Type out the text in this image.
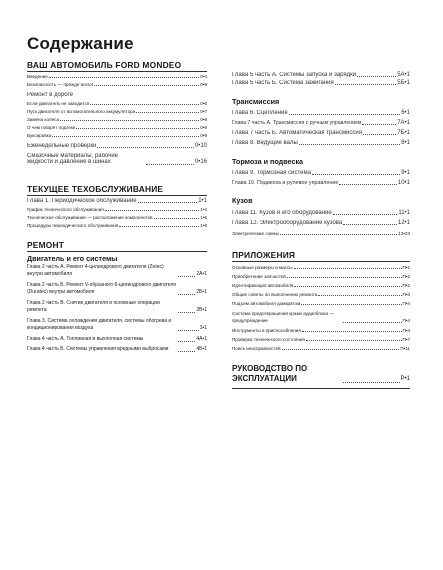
Содержание
ВАШ АВТОМОБИЛЬ FORD MONDEO
Введение	0•4
Безопасность — прежде всего!	0•5
Ремонт в дороге
Если двигатель не заводится	0•6
Пуск двигателя от вспомогательного аккумулятора	0•7
Замена колеса	0•8
О чем говорят подтеки	0•9
Буксировка	0•9
Еженедельные проверки	0•10
Смазочные материалы, рабочие жидкости и давление в шинах	0•16
ТЕКУЩЕЕ ТЕХОБСЛУЖИВАНИЕ
Глава 1. Периодическое обслуживание	1•1
График технического обслуживания	1•4
Техническое обслуживание — расположение компонентов	1•5
Процедуры периодического обслуживания	1•8
РЕМОНТ
Двигатель и его системы
Глава 2 часть А. Ремонт 4-цилиндрового двигателя (Zetec) внутри автомобиля	2А•1
Глава 2 часть Б. Ремонт V-образного 6-цилиндрового двигателя (Duratec) внутри автомобиля	2Б•1
Глава 2 часть В. Снятие двигателя и основные операции ремонта	2В•1
Глава 3. Система охлаждения двигателя, системы обогрева и кондиционирования воздуха	3•1
Глава 4 часть А. Топливная и выхлопная системы	4А•1
Глава 4 часть Б. Системы управления вредными выбросами	4Б•1
Глава 5 часть А. Системы запуска и зарядки	5А•1
Глава 5 часть Б. Система зажигания	5Б•1
Трансмиссия
Глава 6. Сцепление	6•1
Глава 7 часть А. Трансмиссия с ручным управлением	7А•1
Глава 7 часть Б. Автоматическая трансмиссия	7Б•1
Глава 8. Ведущие валы	8•1
Тормоза и подвеска
Глава 9. Тормозная система	9•1
Глава 10. Подвеска и рулевое управление	10•1
Кузов
Глава 11. Кузов и его оборудование	11•1
Глава 12. Электрооборудование кузова	12•1
Электрические схемы	12•33
ПРИЛОЖЕНИЯ
Основные размеры и массы	П•1
Приобретение запчастей	П•2
Идентификация автомобиля	П•2
Общие советы по выполнению ремонта	П•3
Подъем автомобиля домкратом	П•4
Система предотвращения кражи аудиоблока — предупреждение	П•4
Инструменты и приспособления	П•4
Проверка технического состояния	П•7
Поиск неисправностей	П•11
РУКОВОДСТВО ПО ЭКСПЛУАТАЦИИ	Р•1
